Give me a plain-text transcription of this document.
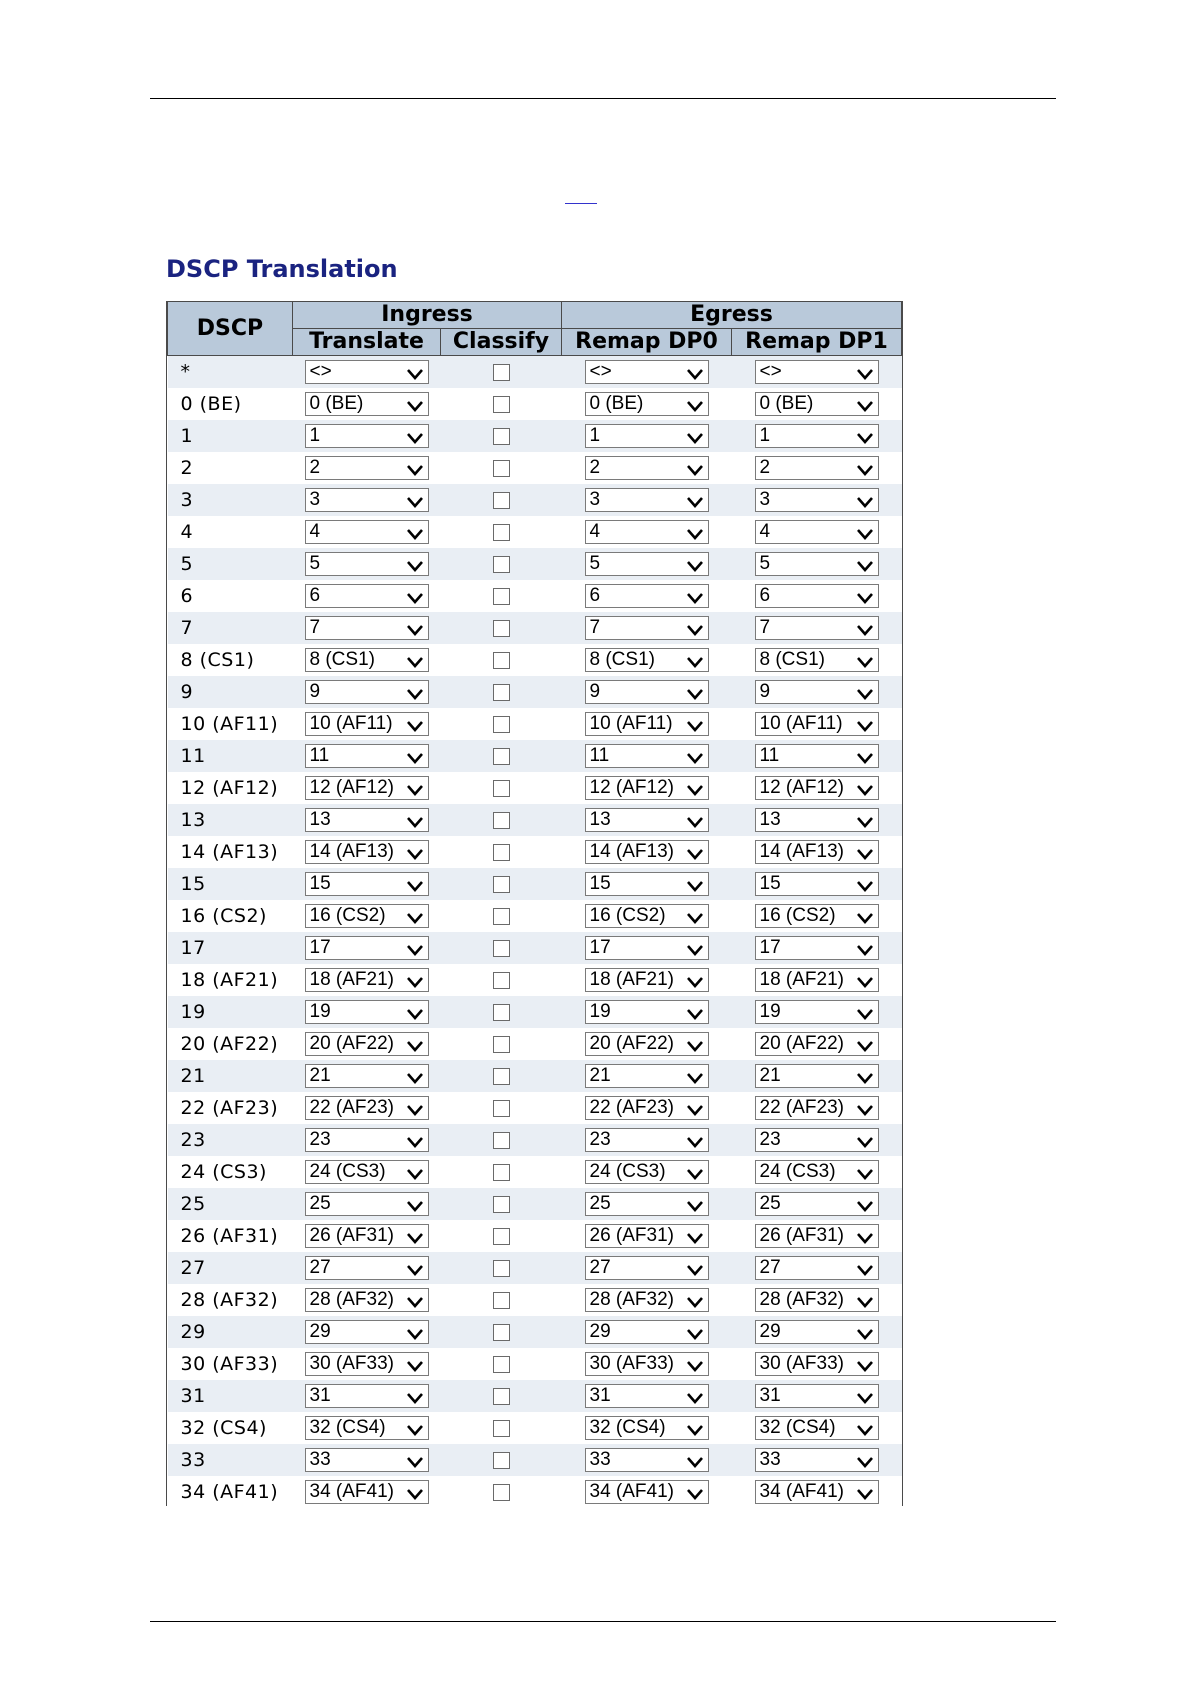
DSCP Translation
DSCP	Ingress		Egress	
	Translate	Classify	Remap DP0	Remap DP1
*	<>		<>	<>

0 (BE)	0 (BE)		0 (BE)	0 (BE)

1	1		1	1

2	2		2	2

3	3		3	3

4	4		4	4

5	5		5	5

6	6		6	6

7	7		7	7

8 (CS1)	8 (CS1)		8 (CS1)	8 (CS1)

9	9		9	9

10 (AF11)	10 (AF11)		10 (AF11)	10 (AF11)

11	11		11	11

12 (AF12)	12 (AF12)		12 (AF12)	12 (AF12)

13	13		13	13

14 (AF13)	14 (AF13)		14 (AF13)	14 (AF13)

15	15		15	15

16 (CS2)	16 (CS2)		16 (CS2)	16 (CS2)

17	17		17	17

18 (AF21)	18 (AF21)		18 (AF21)	18 (AF21)

19	19		19	19

20 (AF22)	20 (AF22)		20 (AF22)	20 (AF22)

21	21		21	21

22 (AF23)	22 (AF23)		22 (AF23)	22 (AF23)

23	23		23	23

24 (CS3)	24 (CS3)		24 (CS3)	24 (CS3)

25	25		25	25

26 (AF31)	26 (AF31)		26 (AF31)	26 (AF31)

27	27		27	27

28 (AF32)	28 (AF32)		28 (AF32)	28 (AF32)

29	29		29	29

30 (AF33)	30 (AF33)		30 (AF33)	30 (AF33)

31	31		31	31

32 (CS4)	32 (CS4)		32 (CS4)	32 (CS4)

33	33		33	33

34 (AF41)	34 (AF41)		34 (AF41)	34 (AF41)
